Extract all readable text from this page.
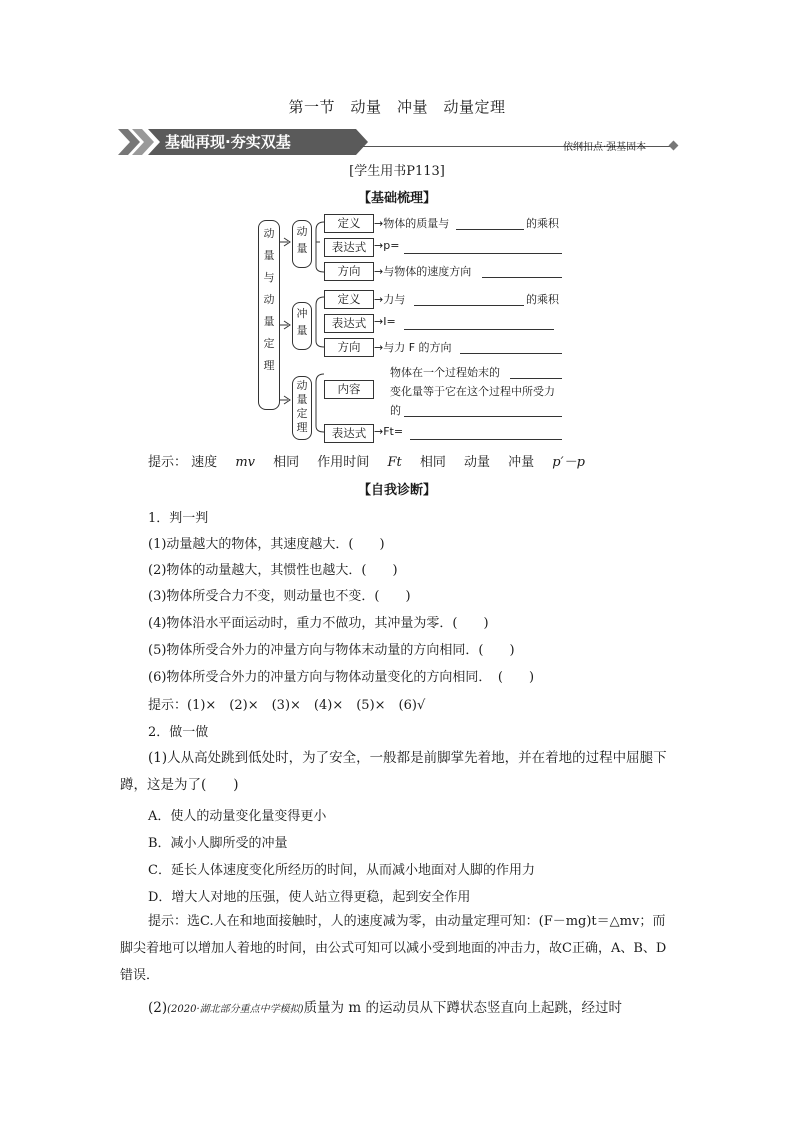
第一节　动量　冲量　动量定理
基础再现·夯实双基	依纲扣点·强基固本
[学生用书P113]
【基础梳理】
动量与动量定理
动量
定义
表达式
方向
→物体的质量与	的乘积
→p=
→与物体的速度方向
冲量
定义
表达式
方向
→力与	的乘积
→I=
→与力 F 的方向
动量定理
内容
表达式
物体在一个过程始末的
变化量等于它在这个过程中所受力
的
→Ft=
提示： 速度 mv 相同 作用时间 Ft 相同 动量 冲量 p′－p
【自我诊断】
1．判一判
(1)动量越大的物体，其速度越大．(　　)
(2)物体的动量越大，其惯性也越大．(　　)
(3)物体所受合力不变，则动量也不变．(　　)
(4)物体沿水平面运动时，重力不做功，其冲量为零．(　　)
(5)物体所受合外力的冲量方向与物体末动量的方向相同．(　　)
(6)物体所受合外力的冲量方向与物体动量变化的方向相同．　(　　)
提示：(1)×　(2)×　(3)×　(4)×　(5)×　(6)√
2．做一做
(1)人从高处跳到低处时，为了安全，一般都是前脚掌先着地，并在着地的过程中屈腿下蹲，这是为了(　　)
A．使人的动量变化量变得更小
B．减小人脚所受的冲量
C．延长人体速度变化所经历的时间，从而减小地面对人脚的作用力
D．增大人对地的压强，使人站立得更稳，起到安全作用
提示：选C.人在和地面接触时，人的速度减为零，由动量定理可知：(F－mg)t＝△mv；而脚尖着地可以增加人着地的时间，由公式可知可以减小受到地面的冲击力，故C正确，A、B、D错误．
(2)(2020·湖北部分重点中学模拟)质量为 m 的运动员从下蹲状态竖直向上起跳，经过时
